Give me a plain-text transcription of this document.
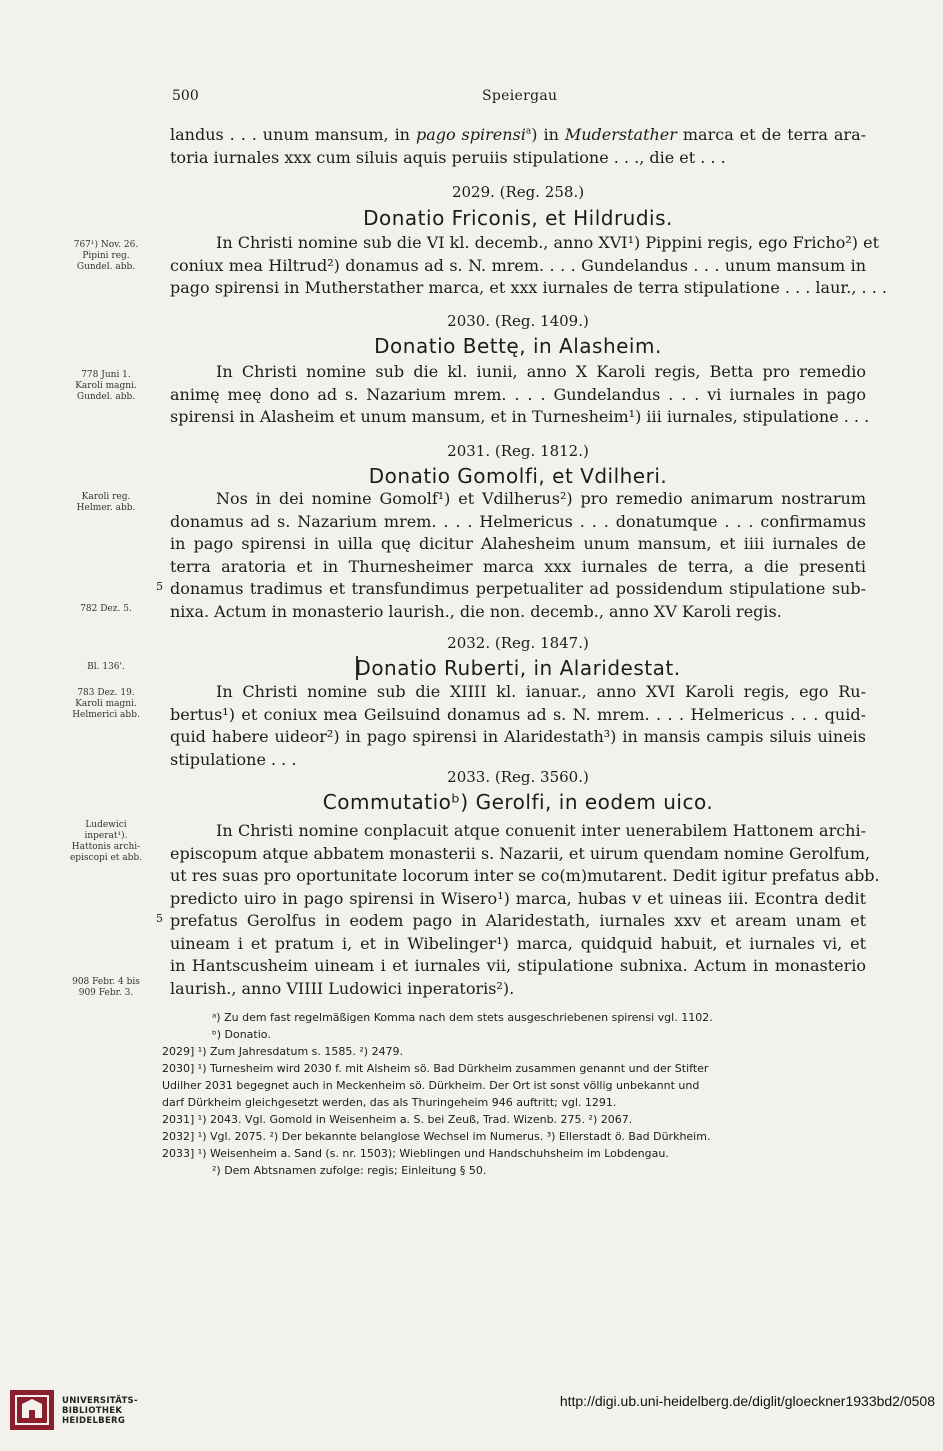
500	Speiergau
landus . . . unum mansum, in pago spirensi$^a$) in Muderstather marca et de terra ara-
toria iurnales xxx cum siluis aquis peruiis stipulatione . . ., die et . . .
2029. (Reg. 258.)
Donatio Friconis, et Hildrudis.
767¹) Nov. 26.
Pipini reg.
Gundel. abb.
In Christi nomine sub die VI kl. decemb., anno XVI¹) Pippini regis, ego Fricho²) et
coniux mea Hiltrud²) donamus ad s. N. mrem. . . . Gundelandus . . . unum mansum in
pago spirensi in Mutherstather marca, et xxx iurnales de terra stipulatione . . . laur., . . .
2030. (Reg. 1409.)
Donatio Bettę, in Alasheim.
778 Juni 1.
Karoli magni.
Gundel. abb.
In Christi nomine sub die kl. iunii, anno X Karoli regis, Betta pro remedio
animę meę dono ad s. Nazarium mrem. . . . Gundelandus . . . vi iurnales in pago
spirensi in Alasheim et unum mansum, et in Turnesheim¹) iii iurnales, stipulatione . . .
2031. (Reg. 1812.)
Donatio Gomolfi, et Vdilheri.
Karoli reg.
Helmer. abb.
782 Dez. 5.
5
Nos in dei nomine Gomolf¹) et Vdilherus²) pro remedio animarum nostrarum
donamus ad s. Nazarium mrem. . . . Helmericus . . . donatumque . . . confirmamus
in pago spirensi in uilla quę dicitur Alahesheim unum mansum, et iiii iurnales de
terra aratoria et in Thurnesheimer marca xxx iurnales de terra, a die presenti
donamus tradimus et transfundimus perpetualiter ad possidendum stipulatione sub-
nixa. Actum in monasterio laurish., die non. decemb., anno XV Karoli regis.
2032. (Reg. 1847.)
Donatio Ruberti, in Alaridestat.
Bl. 136'.
783 Dez. 19.
Karoli magni.
Helmerici abb.
In Christi nomine sub die XIIII kl. ianuar., anno XVI Karoli regis, ego Ru-
bertus¹) et coniux mea Geilsuind donamus ad s. N. mrem. . . . Helmericus . . . quid-
quid habere uideor²) in pago spirensi in Alaridestath³) in mansis campis siluis uineis
stipulatione . . .
2033. (Reg. 3560.)
Commutatioᵇ) Gerolfi, in eodem uico.
Ludewici
inperat¹).
Hattonis archi-
episcopi et abb.
908 Febr. 4 bis
909 Febr. 3.
5
In Christi nomine conplacuit atque conuenit inter uenerabilem Hattonem archi-
episcopum atque abbatem monasterii s. Nazarii, et uirum quendam nomine Gerolfum,
ut res suas pro oportunitate locorum inter se co(m)mutarent. Dedit igitur prefatus abb.
predicto uiro in pago spirensi in Wisero¹) marca, hubas v et uineas iii. Econtra dedit
prefatus Gerolfus in eodem pago in Alaridestath, iurnales xxv et aream unam et
uineam i et pratum i, et in Wibelinger¹) marca, quidquid habuit, et iurnales vi, et
in Hantscusheim uineam i et iurnales vii, stipulatione subnixa. Actum in monasterio
laurish., anno VIIII Ludowici inperatoris²).
ᵃ) Zu dem fast regelmäßigen Komma nach dem stets ausgeschriebenen spirensi vgl. 1102.
ᵇ) Donatio.
2029] ¹) Zum Jahresdatum s. 1585. ²) 2479.
2030] ¹) Turnesheim wird 2030 f. mit Alsheim sö. Bad Dürkheim zusammen genannt und der Stifter
Udilher 2031 begegnet auch in Meckenheim sö. Dürkheim. Der Ort ist sonst völlig unbekannt und
darf Dürkheim gleichgesetzt werden, das als Thuringeheim 946 auftritt; vgl. 1291.
2031] ¹) 2043. Vgl. Gomold in Weisenheim a. S. bei Zeuß, Trad. Wizenb. 275. ²) 2067.
2032] ¹) Vgl. 2075. ²) Der bekannte belanglose Wechsel im Numerus. ³) Ellerstadt ö. Bad Dürkheim.
2033] ¹) Weisenheim a. Sand (s. nr. 1503); Wieblingen und Handschuhsheim im Lobdengau.
²) Dem Abtsnamen zufolge: regis; Einleitung § 50.
UNIVERSITÄTS-
BIBLIOTHEK
HEIDELBERG
http://digi.ub.uni-heidelberg.de/diglit/gloeckner1933bd2/0508
